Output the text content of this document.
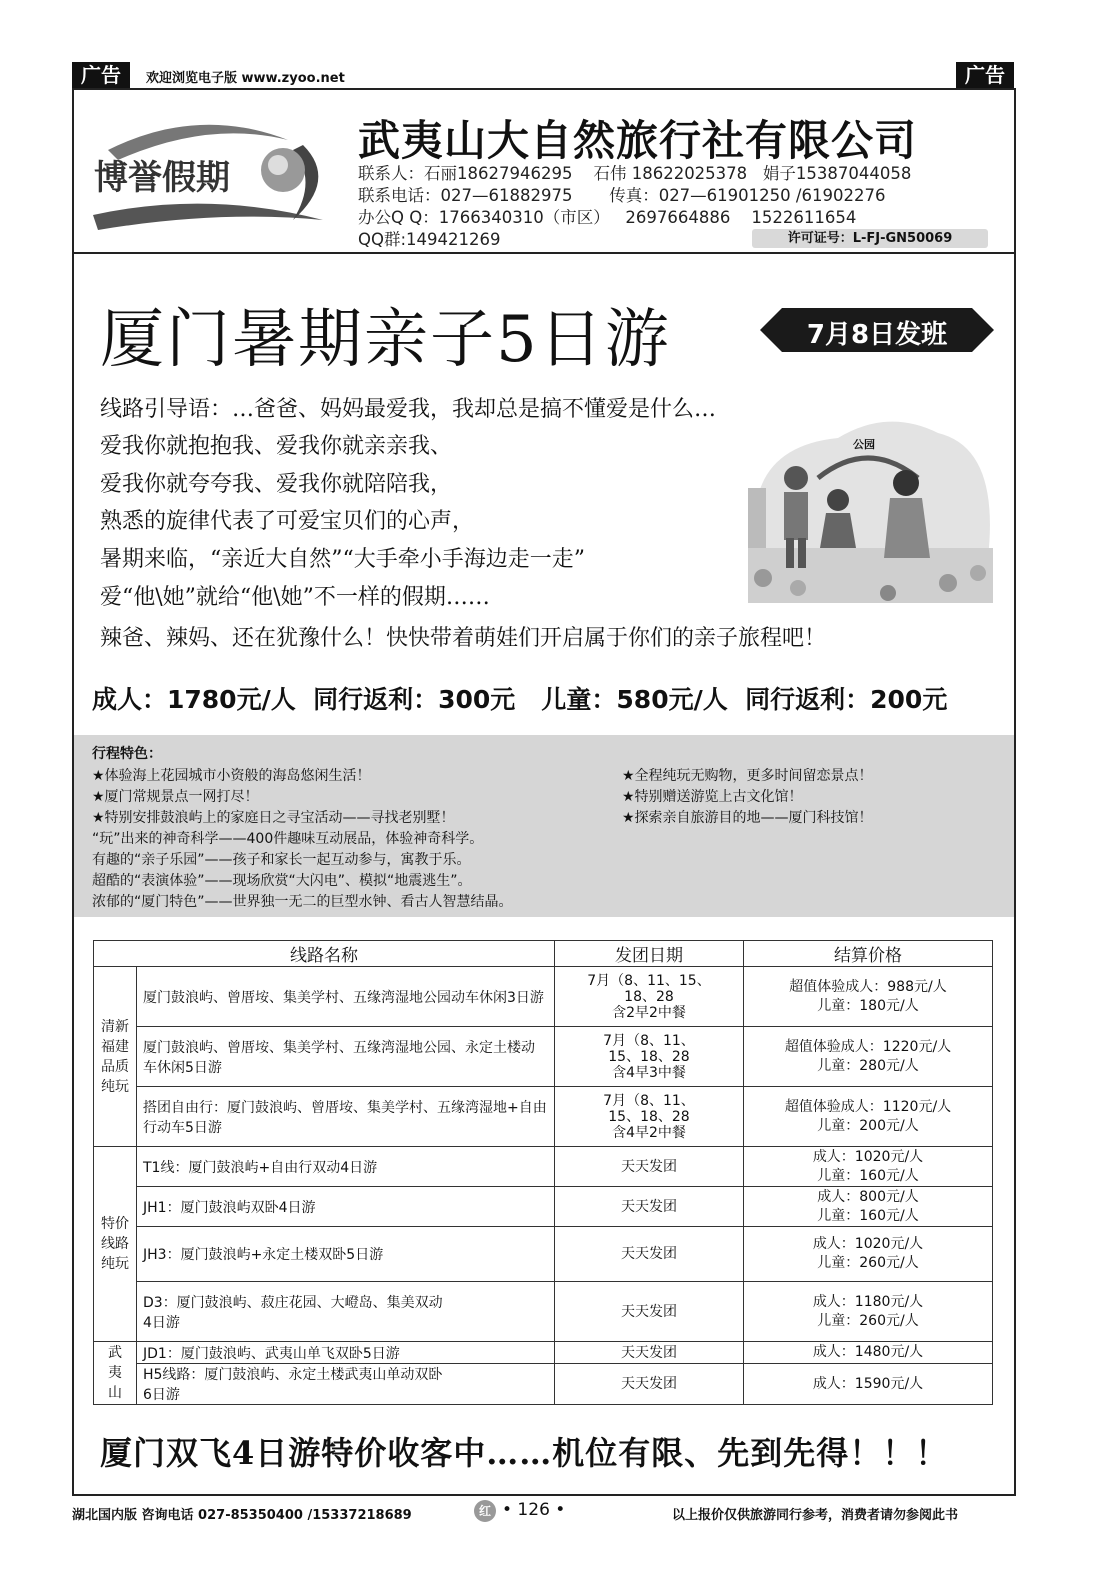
广告	欢迎浏览电子版 www.zyoo.net	广告
博誉假期
武夷山大自然旅行社有限公司
联系人：石丽18627946295    石伟 18622025378   娟子15387044058
联系电话：027—61882975       传真：027—61901250 /61902276
办公Q Q：1766340310（市区）   2697664886    1522611654
QQ群:149421269	许可证号：L-FJ-GN50069
厦门暑期亲子5日游	7月8日发班
公园
线路引导语：…爸爸、妈妈最爱我，我却总是搞不懂爱是什么…
爱我你就抱抱我、爱我你就亲亲我、
爱我你就夸夸我、爱我你就陪陪我，
熟悉的旋律代表了可爱宝贝们的心声，
暑期来临，“亲近大自然”“大手牵小手海边走一走”
爱“他\她”就给“他\她”不一样的假期……
辣爸、辣妈、还在犹豫什么！快快带着萌娃们开启属于你们的亲子旅程吧！
成人：1780元/人  同行返利：300元   儿童：580元/人  同行返利：200元
行程特色：
★体验海上花园城市小资般的海岛悠闲生活！
★厦门常规景点一网打尽！
★特别安排鼓浪屿上的家庭日之寻宝活动——寻找老别墅！
“玩”出来的神奇科学——400件趣味互动展品，体验神奇科学。
有趣的“亲子乐园”——孩子和家长一起互动参与，寓教于乐。
超酷的“表演体验”——现场欣赏“大闪电”、模拟“地震逃生”。
浓郁的“厦门特色”——世界独一无二的巨型水钟、看古人智慧结晶。
★全程纯玩无购物，更多时间留恋景点！
★特别赠送游览上古文化馆！
★探索亲自旅游目的地——厦门科技馆！
线路名称		发团日期	结算价格
清新
福建
品质
纯玩	厦门鼓浪屿、曾厝垵、集美学村、五缘湾湿地公园动车休闲3日游	7月（8、11、15、
18、28
含2早2中餐	超值体验成人：988元/人
儿童：180元/人
	厦门鼓浪屿、曾厝垵、集美学村、五缘湾湿地公园、永定土楼动车休闲5日游	7月（8、11、
15、18、28
含4早3中餐	超值体验成人：1220元/人
儿童：280元/人
	搭团自由行：厦门鼓浪屿、曾厝垵、集美学村、五缘湾湿地+自由行动车5日游	7月（8、11、
15、18、28
含4早2中餐	超值体验成人：1120元/人
儿童：200元/人
特价
线路
纯玩	T1线：厦门鼓浪屿+自由行双动4日游	天天发团	成人：1020元/人
儿童：160元/人
	JH1：厦门鼓浪屿双卧4日游	天天发团	成人：800元/人
儿童：160元/人
	JH3：厦门鼓浪屿+永定土楼双卧5日游	天天发团	成人：1020元/人
儿童：260元/人
	D3：厦门鼓浪屿、菽庄花园、大嶝岛、集美双动
4日游	天天发团	成人：1180元/人
儿童：260元/人
武
夷
山	JD1：厦门鼓浪屿、武夷山单飞双卧5日游	天天发团	成人：1480元/人
	H5线路：厦门鼓浪屿、永定土楼武夷山单动双卧
6日游	天天发团	成人：1590元/人
厦门双飞4日游特价收客中……机位有限、先到先得！！！
湖北国内版 咨询电话 027-85350400 /15337218689	红 • 126 •	以上报价仅供旅游同行参考，消费者请勿参阅此书
